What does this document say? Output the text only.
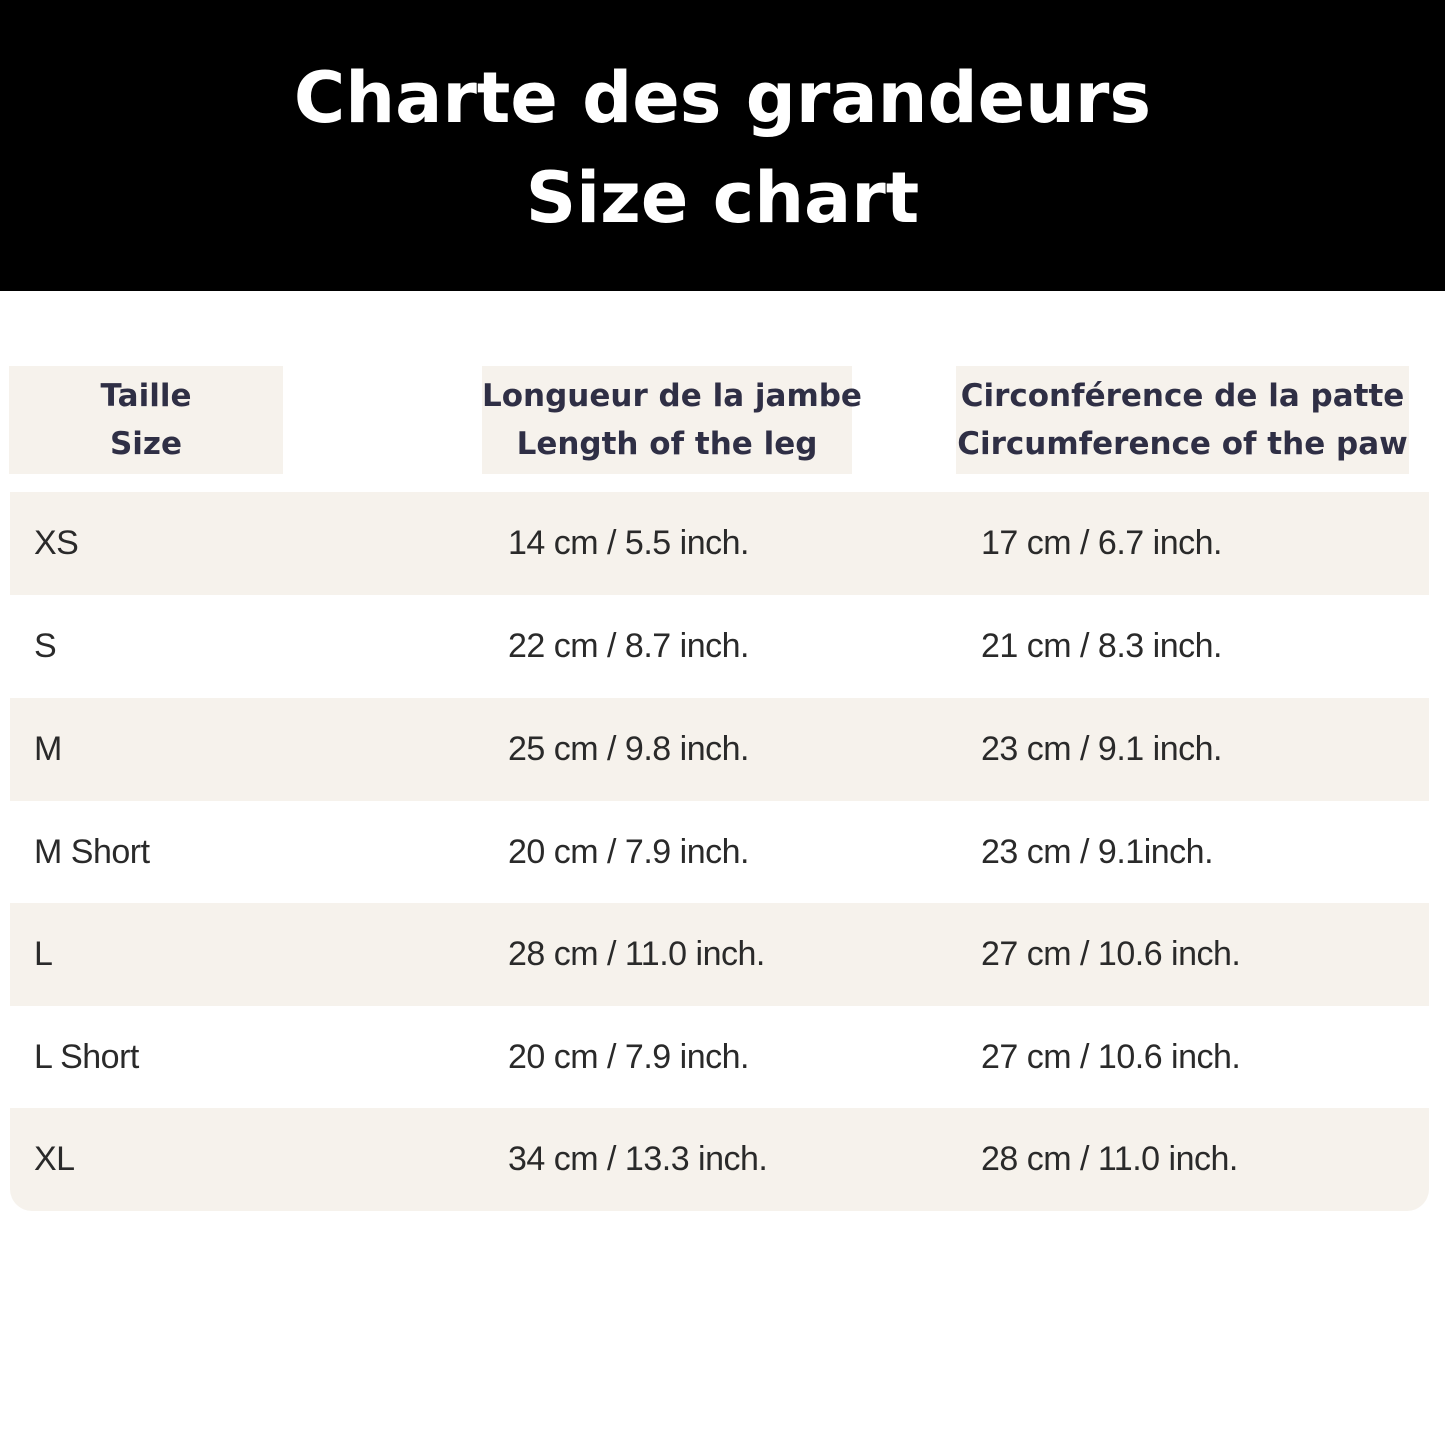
Charte des grandeurs
Size chart
Taille
Size
Longueur de la jambe
Length of the leg
Circonférence de la patte
Circumference of the paw
XS	14 cm / 5.5 inch.	17 cm / 6.7 inch.
S	22 cm / 8.7 inch.	21 cm / 8.3 inch.
M	25 cm / 9.8 inch.	23 cm / 9.1 inch.
M Short	20 cm / 7.9 inch.	23 cm / 9.1inch.
L	28 cm / 11.0 inch.	27 cm / 10.6 inch.
L Short	20 cm / 7.9 inch.	27 cm / 10.6 inch.
XL	34 cm / 13.3 inch.	28 cm / 11.0 inch.
